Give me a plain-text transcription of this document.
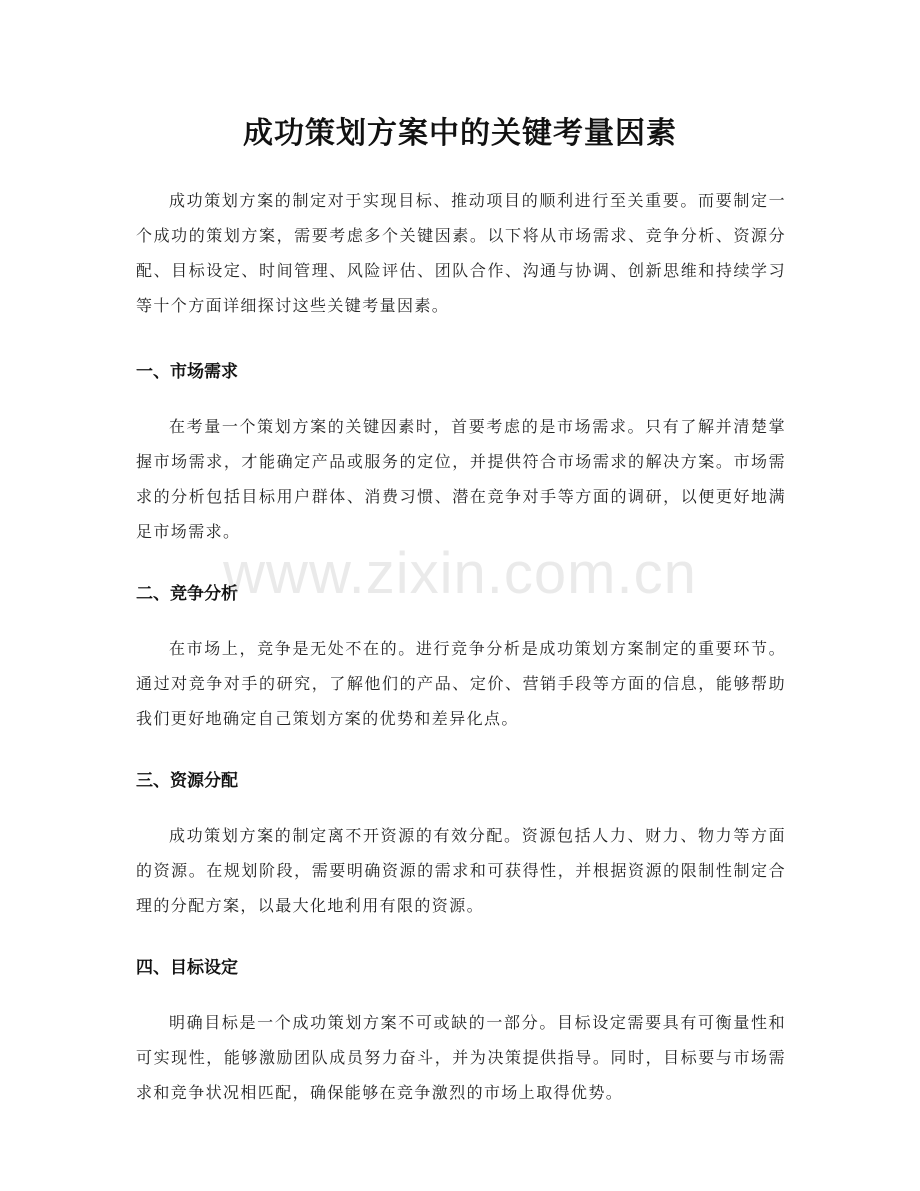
成功策划方案中的关键考量因素

成功策划方案的制定对于实现目标、推动项目的顺利进行至关重要。而要制定一个成功的策划方案，需要考虑多个关键因素。以下将从市场需求、竞争分析、资源分配、目标设定、时间管理、风险评估、团队合作、沟通与协调、创新思维和持续学习等十个方面详细探讨这些关键考量因素。

一、市场需求

在考量一个策划方案的关键因素时，首要考虑的是市场需求。只有了解并清楚掌握市场需求，才能确定产品或服务的定位，并提供符合市场需求的解决方案。市场需求的分析包括目标用户群体、消费习惯、潜在竞争对手等方面的调研，以便更好地满足市场需求。

二、竞争分析

在市场上，竞争是无处不在的。进行竞争分析是成功策划方案制定的重要环节。通过对竞争对手的研究，了解他们的产品、定价、营销手段等方面的信息，能够帮助我们更好地确定自己策划方案的优势和差异化点。

三、资源分配

成功策划方案的制定离不开资源的有效分配。资源包括人力、财力、物力等方面的资源。在规划阶段，需要明确资源的需求和可获得性，并根据资源的限制性制定合理的分配方案，以最大化地利用有限的资源。

四、目标设定

明确目标是一个成功策划方案不可或缺的一部分。目标设定需要具有可衡量性和可实现性，能够激励团队成员努力奋斗，并为决策提供指导。同时，目标要与市场需求和竞争状况相匹配，确保能够在竞争激烈的市场上取得优势。

www.zixin.com.cn
